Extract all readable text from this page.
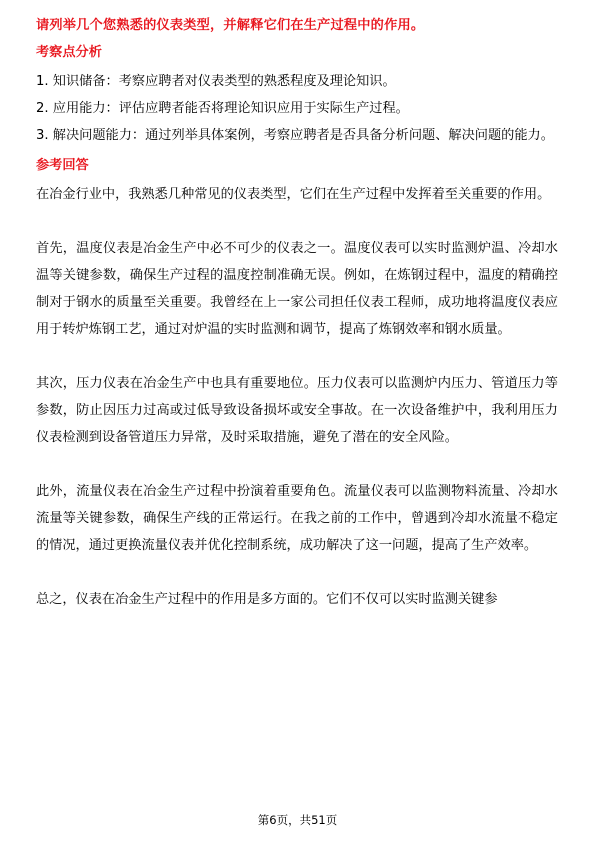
请列举几个您熟悉的仪表类型，并解释它们在生产过程中的作用。

考察点分析

1. 知识储备：考察应聘者对仪表类型的熟悉程度及理论知识。
2. 应用能力：评估应聘者能否将理论知识应用于实际生产过程。
3. 解决问题能力：通过列举具体案例，考察应聘者是否具备分析问题、解决问题的能力。

参考回答

在冶金行业中，我熟悉几种常见的仪表类型，它们在生产过程中发挥着至关重要的作用。

首先，温度仪表是冶金生产中必不可少的仪表之一。温度仪表可以实时监测炉温、冷却水温等关键参数，确保生产过程的温度控制准确无误。例如，在炼钢过程中，温度的精确控制对于钢水的质量至关重要。我曾经在上一家公司担任仪表工程师，成功地将温度仪表应用于转炉炼钢工艺，通过对炉温的实时监测和调节，提高了炼钢效率和钢水质量。

其次，压力仪表在冶金生产中也具有重要地位。压力仪表可以监测炉内压力、管道压力等参数，防止因压力过高或过低导致设备损坏或安全事故。在一次设备维护中，我利用压力仪表检测到设备管道压力异常，及时采取措施，避免了潜在的安全风险。

此外，流量仪表在冶金生产过程中扮演着重要角色。流量仪表可以监测物料流量、冷却水流量等关键参数，确保生产线的正常运行。在我之前的工作中，曾遇到冷却水流量不稳定的情况，通过更换流量仪表并优化控制系统，成功解决了这一问题，提高了生产效率。

总之，仪表在冶金生产过程中的作用是多方面的。它们不仅可以实时监测关键参

第6页，共51页
